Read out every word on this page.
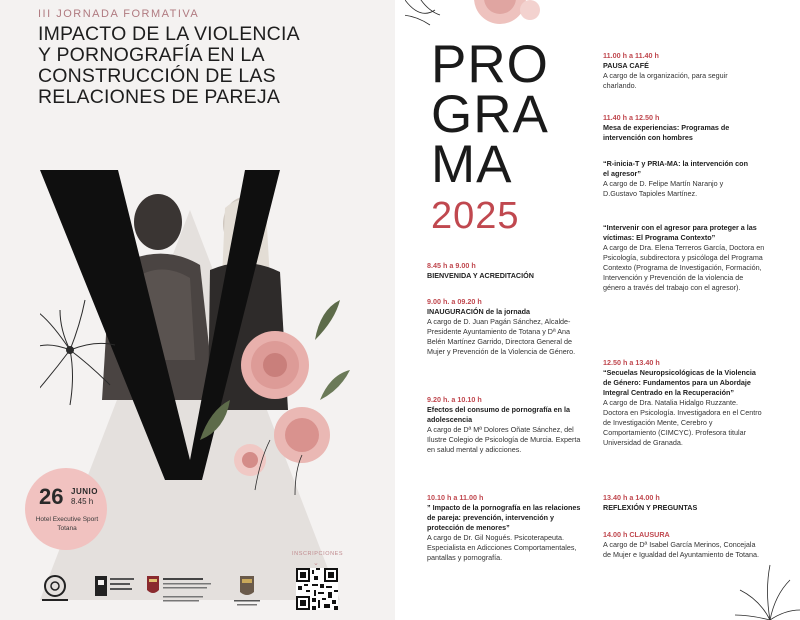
III JORNADA FORMATIVA
IMPACTO DE LA VIOLENCIA
Y PORNOGRAFÍA EN LA
CONSTRUCCIÓN DE LAS
RELACIONES DE PAREJA
26 JUNIO
8.45 h
Hotel Executive Sport Totana
INSCRIPCIONES
⌄
PRO
GRA
MA
2025
8.45 h a 9.00 h
BIENVENIDA Y ACREDITACIÓN
9.00 h. a 09.20 h
INAUGURACIÓN de la jornada
A cargo de D. Juan Pagán Sánchez, Alcalde- Presidente Ayuntamiento de Totana y Dª Ana Belén Martínez Garrido, Directora General de Mujer y Prevención de la Violencia de Género.
9.20 h. a 10.10 h
Efectos del consumo de pornografía en la adolescencia
A cargo de Dª Mª Dolores Oñate Sánchez, del Ilustre Colegio de Psicología de Murcia. Experta en salud mental y adicciones.
10.10 h a 11.00 h
” Impacto de la pornografía en las relaciones de pareja: prevención, intervención y protección de menores”
A cargo de Dr. Gil Nogués. Psicoterapeuta. Especialista en Adicciones Comportamentales, pantallas y pornografía.
11.00 h a 11.40 h
PAUSA CAFÉ
A cargo de la organización, para seguir charlando.
11.40 h a 12.50 h
Mesa de experiencias: Programas de intervención con hombres
“R-inicia-T y PRIA-MA: la intervención con el agresor”
A cargo de D. Felipe Martín Naranjo y D.Gustavo Tapioles Martínez.
“Intervenir con el agresor para proteger a las víctimas: El Programa Contexto”
A cargo de Dra. Elena Terreros García, Doctora en Psicología, subdirectora y psicóloga del Programa Contexto (Programa de Investigación, Formación, Intervención y Prevención de la violencia de género a través del trabajo con el agresor).
12.50 h a 13.40 h
“Secuelas Neuropsicológicas de la Violencia de Género: Fundamentos para un Abordaje Integral Centrado en la Recuperación”
A cargo de Dra. Natalia Hidalgo Ruzzante. Doctora en Psicología. Investigadora en el Centro de Investigación Mente, Cerebro y Comportamiento (CIMCYC). Profesora titular Universidad de Granada.
13.40 h a 14.00 h
REFLEXIÓN Y PREGUNTAS
14.00 h CLAUSURA
A cargo de Dª Isabel García Merinos, Concejala de Mujer e Igualdad del Ayuntamiento de Totana.
